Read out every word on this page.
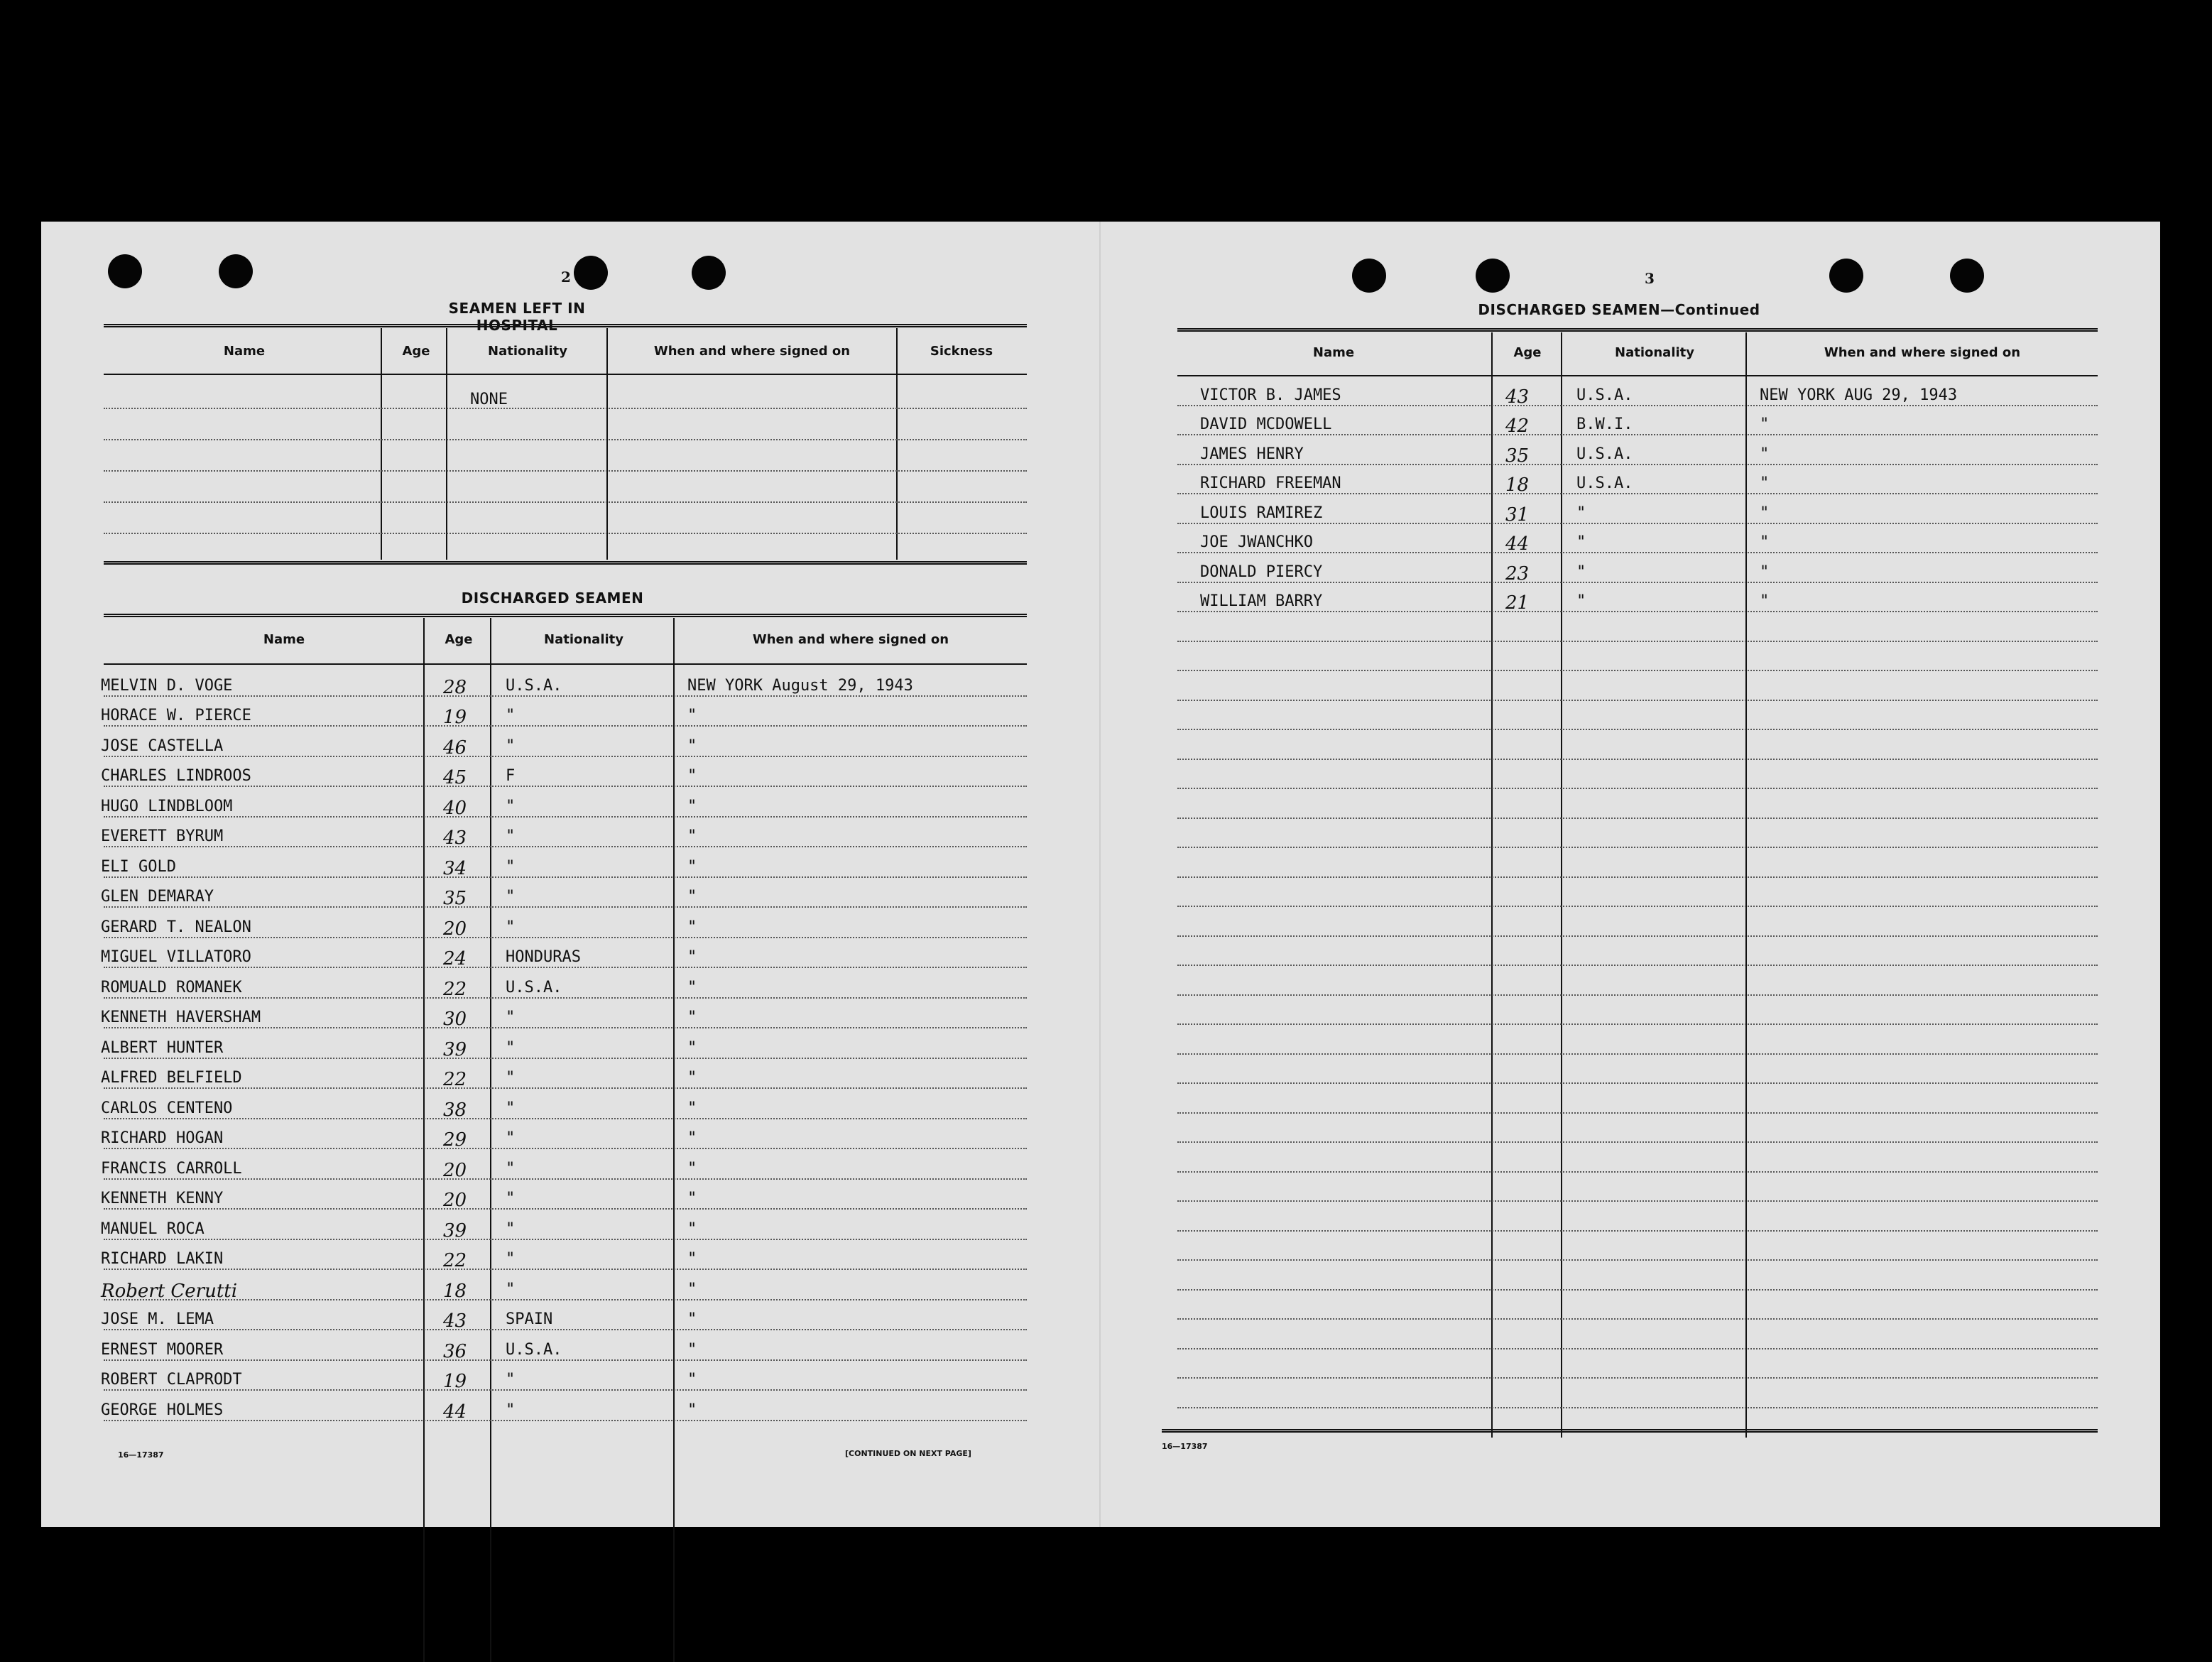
2
SEAMEN LEFT IN HOSPITAL
Name	Age	Nationality	When and where signed on	Sickness
NONE
DISCHARGED SEAMEN
Name	Age	Nationality	When and where signed on
MELVIN D. VOGE	28 U.S.A.	NEW YORK August 29, 1943
HORACE W. PIERCE	19 "	"
JOSE CASTELLA	46 "	"
CHARLES LINDROOS	45 F	"
HUGO LINDBLOOM	40 "	"
EVERETT BYRUM	43 "	"
ELI GOLD	34 "	"
GLEN DEMARAY	35 "	"
GERARD T. NEALON	20 "	"
MIGUEL VILLATORO	24 HONDURAS	"
ROMUALD ROMANEK	22 U.S.A.	"
KENNETH HAVERSHAM	30 "	"
ALBERT HUNTER	39 "	"
ALFRED BELFIELD	22 "	"
CARLOS CENTENO	38 "	"
RICHARD HOGAN	29 "	"
FRANCIS CARROLL	20 "	"
KENNETH KENNY	20 "	"
MANUEL ROCA	39 "	"
RICHARD LAKIN	22 "	"
Robert Cerutti	18 "	"
JOSE M. LEMA	43 SPAIN	"
ERNEST MOORER	36 U.S.A.	"
ROBERT CLAPRODT	19 "	"
GEORGE HOLMES	44 "	"
16—17387	[CONTINUED ON NEXT PAGE]
3
DISCHARGED SEAMEN—Continued
Name	Age	Nationality	When and where signed on
VICTOR B. JAMES	43	U.S.A.	NEW YORK AUG 29, 1943
DAVID MCDOWELL	42	B.W.I.	"
JAMES HENRY	35	U.S.A.	"
RICHARD FREEMAN	18	U.S.A.	"
LOUIS RAMIREZ	31	"	"
JOE JWANCHKO	44	"	"
DONALD PIERCY	23	"	"
WILLIAM BARRY	21	"	"
16—17387
